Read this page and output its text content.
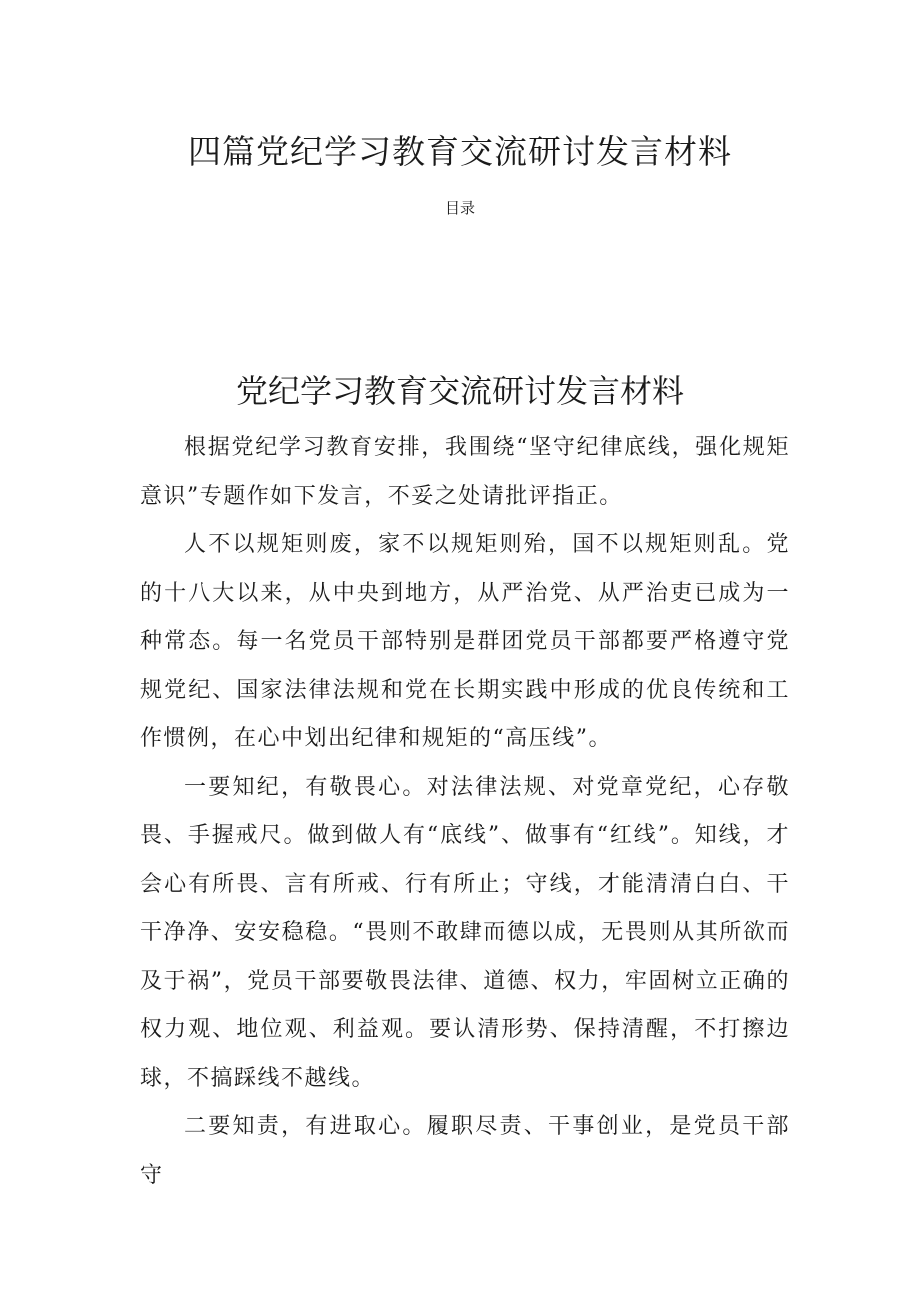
四篇党纪学习教育交流研讨发言材料
目录
党纪学习教育交流研讨发言材料

根据党纪学习教育安排，我围绕“坚守纪律底线，强化规矩意识”专题作如下发言，不妥之处请批评指正。

人不以规矩则废，家不以规矩则殆，国不以规矩则乱。党的十八大以来，从中央到地方，从严治党、从严治吏已成为一种常态。每一名党员干部特别是群团党员干部都要严格遵守党规党纪、国家法律法规和党在长期实践中形成的优良传统和工作惯例，在心中划出纪律和规矩的“高压线”。

一要知纪，有敬畏心。对法律法规、对党章党纪，心存敬畏、手握戒尺。做到做人有“底线”、做事有“红线”。知线，才会心有所畏、言有所戒、行有所止；守线，才能清清白白、干干净净、安安稳稳。“畏则不敢肆而德以成，无畏则从其所欲而及于祸”，党员干部要敬畏法律、道德、权力，牢固树立正确的权力观、地位观、利益观。要认清形势、保持清醒，不打擦边球，不搞踩线不越线。

二要知责，有进取心。履职尽责、干事创业，是党员干部守
